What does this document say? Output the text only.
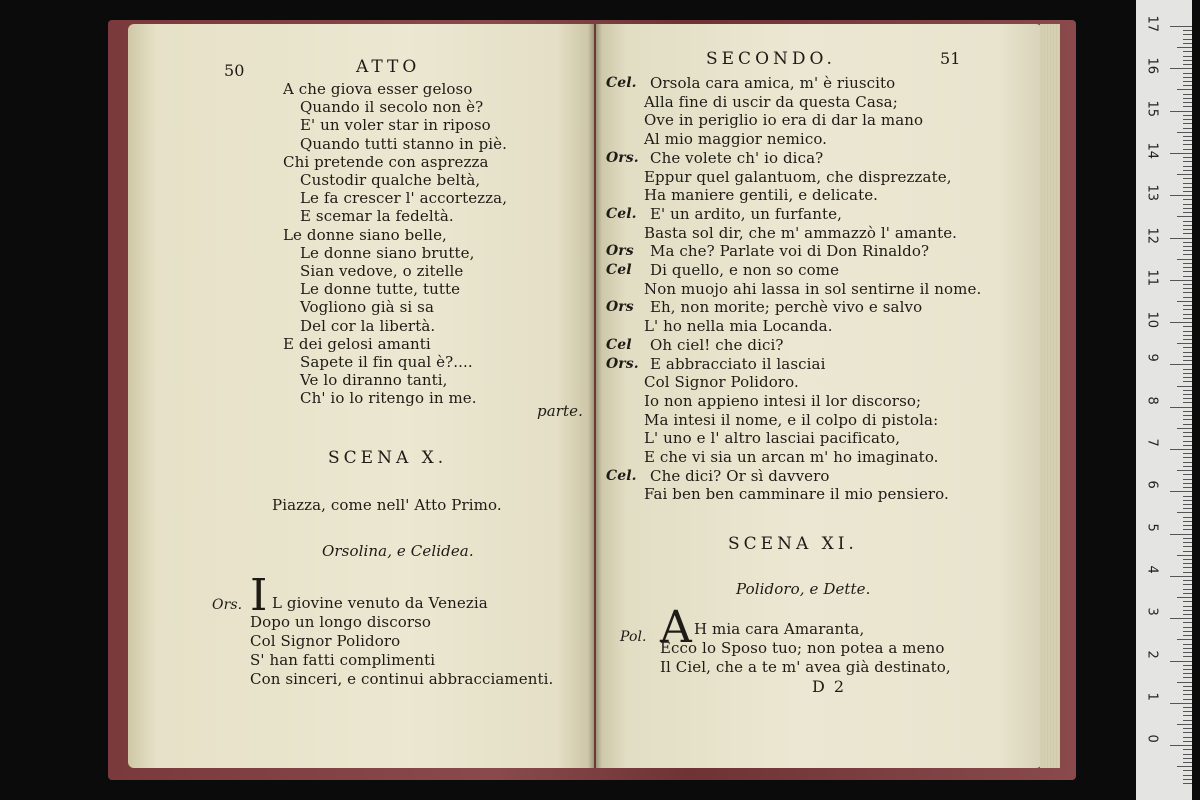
50	ATTO
A che giova esser geloso
Quando il secolo non è?
E' un voler star in riposo
Quando tutti stanno in piè.
Chi pretende con asprezza
Custodir qualche beltà,
Le fa crescer l' accortezza,
E scemar la fedeltà.
Le donne siano belle,
Le donne siano brutte,
Sian vedove, o zitelle
Le donne tutte, tutte
Vogliono già si sa
Del cor la libertà.
E dei gelosi amanti
Sapete il fin qual è?....
Ve lo diranno tanti,
Ch' io lo ritengo in me.
parte.
SCENA X.
Piazza, come nell' Atto Primo.
Orsolina, e Celidea.
Ors. I L giovine venuto da Venezia
Dopo un longo discorso
Col Signor Polidoro
S' han fatti complimenti
Con sinceri, e continui abbracciamenti.
SECONDO.	51
Cel. Orsola cara amica, m' è riuscito
Alla fine di uscir da questa Casa;
Ove in periglio io era di dar la mano
Al mio maggior nemico.
Ors. Che volete ch' io dica?
Eppur quel galantuom, che disprezzate,
Ha maniere gentili, e delicate.
Cel. E' un ardito, un furfante,
Basta sol dir, che m' ammazzò l' amante.
Ors Ma che? Parlate voi di Don Rinaldo?
Cel Di quello, e non so come
Non muojo ahi lassa in sol sentirne il nome.
Ors Eh, non morite; perchè vivo e salvo
L' ho nella mia Locanda.
Cel Oh ciel! che dici?
Ors. E abbracciato il lasciai
Col Signor Polidoro.
Io non appieno intesi il lor discorso;
Ma intesi il nome, e il colpo di pistola:
L' uno e l' altro lasciai pacificato,
E che vi sia un arcan m' ho imaginato.
Cel. Che dici? Or sì davvero
Fai ben ben camminare il mio pensiero.
SCENA XI.
Polidoro, e Dette.
Pol. A H mia cara Amaranta,
Ecco lo Sposo tuo; non potea a meno
Il Ciel, che a te m' avea già destinato,
D 2
17
16
15
14
13
12
11
10
9
8
7
6
5
4
3
2
1
0
